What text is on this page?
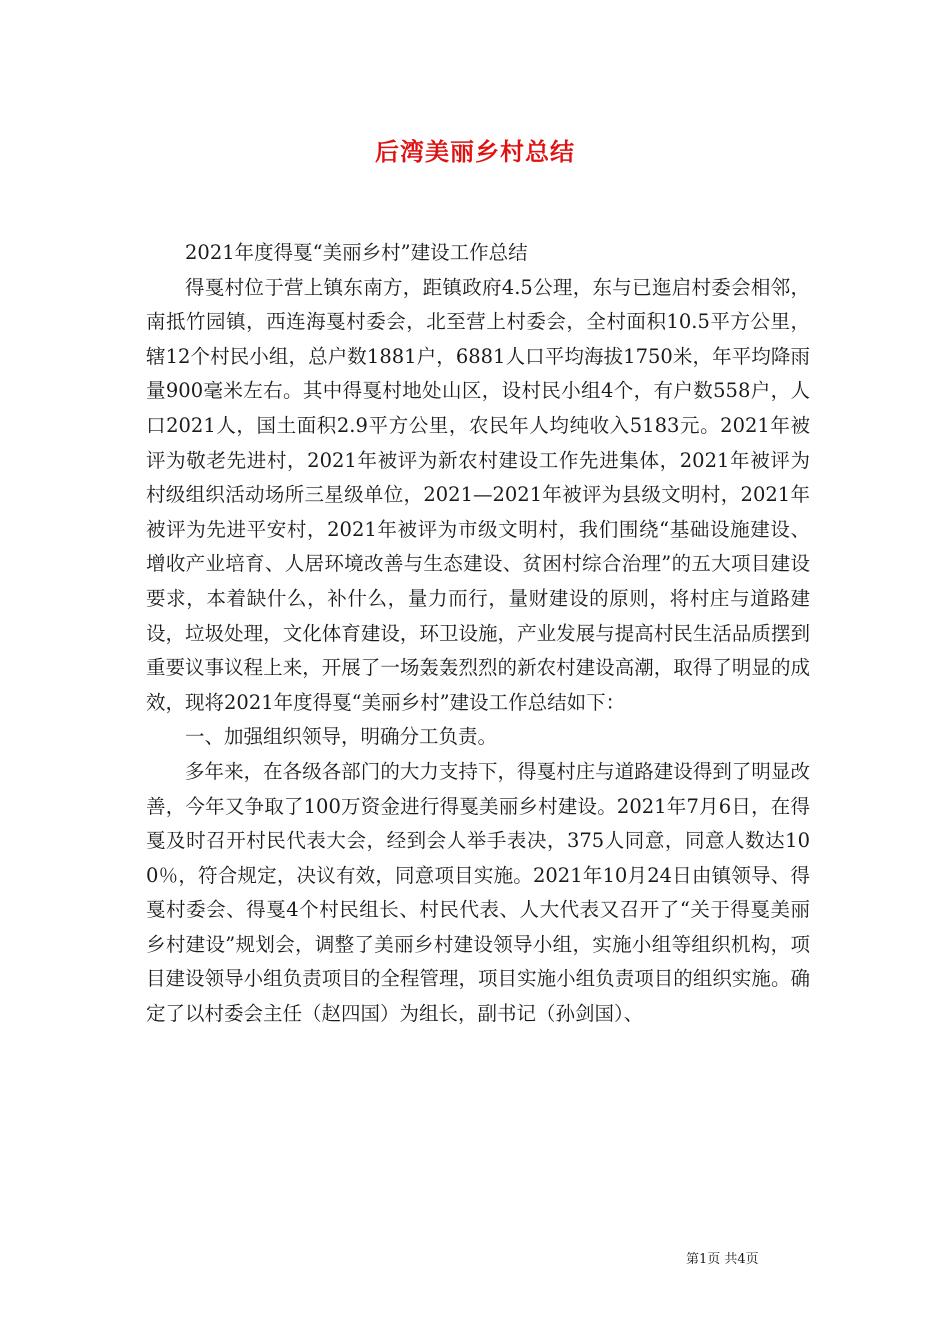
后湾美丽乡村总结

2021年度得戛“美丽乡村”建设工作总结

得戛村位于营上镇东南方，距镇政府4.5公理，东与已迤启村委会相邻，南抵竹园镇，西连海戛村委会，北至营上村委会，全村面积10.5平方公里，辖12个村民小组，总户数1881户，6881人口平均海拔1750米，年平均降雨量900毫米左右。其中得戛村地处山区，设村民小组4个，有户数558户，人口2021人，国土面积2.9平方公里，农民年人均纯收入5183元。2021年被评为敬老先进村，2021年被评为新农村建设工作先进集体，2021年被评为村级组织活动场所三星级单位，2021—2021年被评为县级文明村，2021年被评为先进平安村，2021年被评为市级文明村，我们围绕“基础设施建设、增收产业培育、人居环境改善与生态建设、贫困村综合治理”的五大项目建设要求，本着缺什么，补什么，量力而行，量财建设的原则，将村庄与道路建设，垃圾处理，文化体育建设，环卫设施，产业发展与提高村民生活品质摆到重要议事议程上来，开展了一场轰轰烈烈的新农村建设高潮，取得了明显的成效，现将2021年度得戛“美丽乡村”建设工作总结如下：

一、加强组织领导，明确分工负责。

多年来，在各级各部门的大力支持下，得戛村庄与道路建设得到了明显改善，今年又争取了100万资金进行得戛美丽乡村建设。2021年7月6日，在得戛及时召开村民代表大会，经到会人举手表决，375人同意，同意人数达100％，符合规定，决议有效，同意项目实施。2021年10月24日由镇领导、得戛村委会、得戛4个村民组长、村民代表、人大代表又召开了“关于得戛美丽乡村建设”规划会，调整了美丽乡村建设领导小组，实施小组等组织机构，项目建设领导小组负责项目的全程管理，项目实施小组负责项目的组织实施。确定了以村委会主任（赵四国）为组长，副书记（孙剑国）、

第1页 共4页
